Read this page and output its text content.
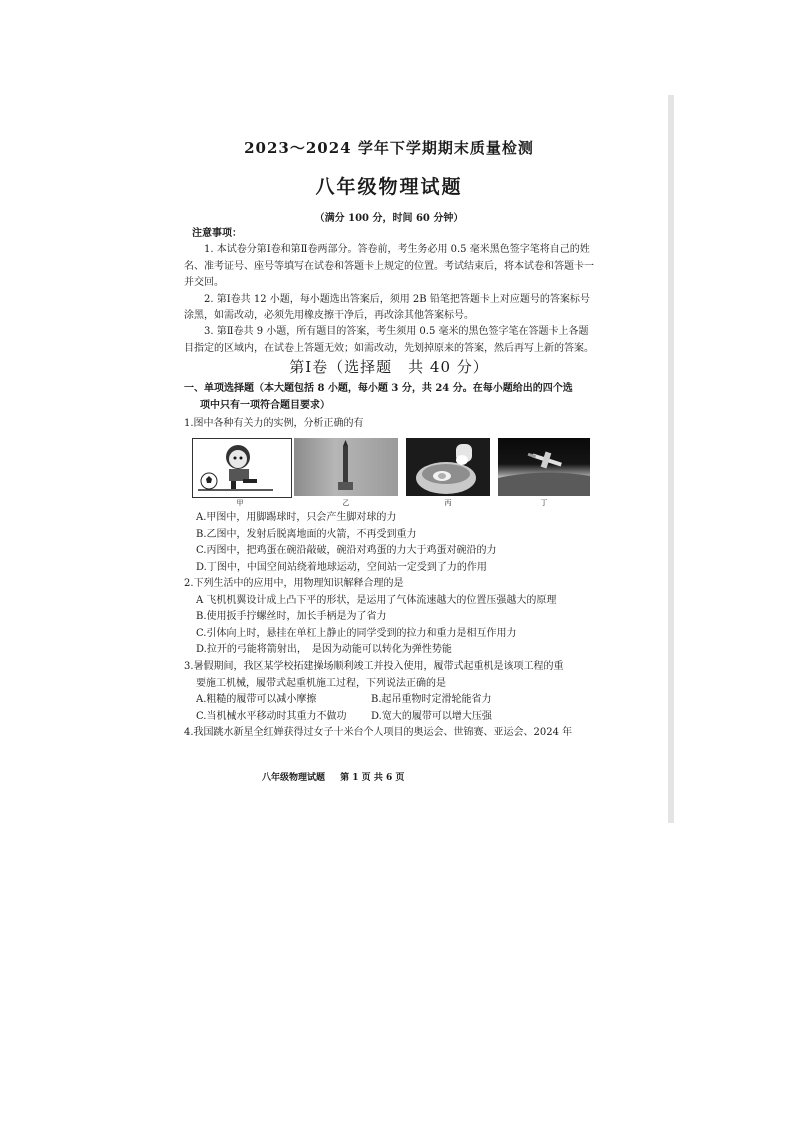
2023～2024 学年下学期期末质量检测
八年级物理试题
（满分 100 分，时间 60 分钟）
注意事项：

1. 本试卷分第Ⅰ卷和第Ⅱ卷两部分。答卷前，考生务必用 0.5 毫米黑色签字笔将自己的姓名、准考证号、座号等填写在试卷和答题卡上规定的位置。考试结束后，将本试卷和答题卡一并交回。

2. 第Ⅰ卷共 12 小题，每小题选出答案后，须用 2B 铅笔把答题卡上对应题号的答案标号涂黑，如需改动，必须先用橡皮擦干净后，再改涂其他答案标号。

3. 第Ⅱ卷共 9 小题，所有题目的答案，考生须用 0.5 毫米的黑色签字笔在答题卡上各题目指定的区域内，在试卷上答题无效；如需改动，先划掉原来的答案，然后再写上新的答案。

第Ⅰ卷（选择题　共 40 分）
一、单项选择题（本大题包括 8 小题，每小题 3 分，共 24 分。在每小题给出的四个选
项中只有一项符合题目要求）
1.图中各种有关力的实例，分析正确的有
甲	乙	丙	丁
A.甲图中，用脚踢球时，只会产生脚对球的力
B.乙图中，发射后脱离地面的火箭，不再受到重力
C.丙图中，把鸡蛋在碗沿敲破，碗沿对鸡蛋的力大于鸡蛋对碗沿的力
D.丁图中，中国空间站绕着地球运动，空间站一定受到了力的作用
2.下列生活中的应用中，用物理知识解释合理的是
A 飞机机翼设计成上凸下平的形状，是运用了气体流速越大的位置压强越大的原理
B.使用扳手拧螺丝时，加长手柄是为了省力
C.引体向上时，悬挂在单杠上静止的同学受到的拉力和重力是相互作用力
D.拉开的弓能将箭射出，　是因为动能可以转化为弹性势能
3.暑假期间，我区某学校拓建操场顺利竣工并投入使用，履带式起重机是该项工程的重
要施工机械，履带式起重机施工过程，下列说法正确的是
A.粗糙的履带可以减小摩擦	B.起吊重物时定滑轮能省力
C.当机械水平移动时其重力不做功	D.宽大的履带可以增大压强
4.我国跳水新星全红婵获得过女子十米台个人项目的奥运会、世锦赛、亚运会、2024 年
八年级物理试题 第 1 页 共 6 页
